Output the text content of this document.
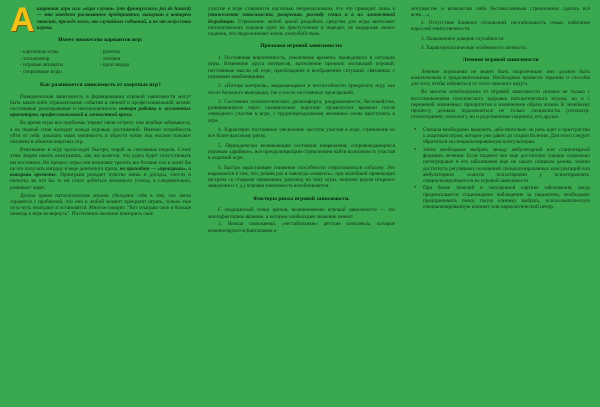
Аазартная игра или «игра случая» (от французского jeu de hasard) — это заведомо рискованное предприятие, выигрыш в котором зависит, прежде всего, от случайных событий, а не от искусства игрока.

Имеет множество вариантов игр:
- карточные игры
- тотализатор
- игровые автоматы
- спортивные игры
- рулетка
- лотереи
- кроссворды
Как развивается зависимость от азартных игр?

Поведенческая зависимость в формировании игровой зависимости могут быть какие-либо отрицательные события в личной и профессиональной жизни: постоянные разочарования и неполноценность потеря работы и жизненных ориентиров, профессиональной и личностной крахи.

Во время игры все проблемы теряют свою остроту или вообще забываются, а на первый план выходит жажда игровых достижений. Именно потребность уйти от себя, доказать свою значимость и обрести почву под ногами толкают человека в объятия азартных игр.

Втягивание в игру происходит быстро, порой за считанные недели. Стоит этим людям начать выигрывать, как им кажется, что удача будет сопутствовать им постоянно. Но процесс игры они начинают тратить все больше сил и хотят бы на это получать награду в виде денежного приза, но приходит — «проигрыш», а выигрыш временно. Проигрыш рождает чувство вины и досады, злости и попытку во что бы то ни стало добиться желаемого успеха, а следовательно, развивает азарт.

Долгое время патологические игроки убеждают себя в том, что легко справятся с проблемой, что они в любой момент прекратят играть, только еще чуть-чуть поиграют и остановятся. Многие говорят: "Вот отыграю свое и больше никогда к игре не вернусь". Постепенно желание повторить своё

участие в игре становится настолько непреодолимым, что это приводит лишь к утяжелению зависимости, разорению, распаду семьи и к их личностной деградации. Стремление любой ценой раздобыть средства для игры вытесняет патологических игроков идти на преступление и нередко, не выдержав своего падения, эти люди кончают жизнь самоубийством.

Признаки игровой зависимости:
1. Постоянная вовлеченность, увеличение времени, проводимого в ситуации игры. Изменение круга интересов, вытеснение прежних мотиваций игровой, постоянные мысли об игре, преобладание в воображении ситуаций, связанных с игровыми комбинациями.
2. «Потеря контроля», выражающаяся в неспособности прекратить игру как после большого выигрыша, так и после постоянных проигрышей.
3. Состояния психологического дискомфорта, раздраженности, беспокойства, развивающиеся через сравнительно короткие промежутки времени после очередного участия в игре, с труднопреодолимым желанием снова приступить к игре.
4. Характерно постоянное увеличение частоты участия в игре, стремление ко все более высокому риску.
5. Периодически возникающие состояния напряжения, сопровождающиеся игровым «драйвом», все преодолевающим стремлением найти возможность участия в азартной игре.
6. Быстро нарастающее снижение способности сопротивляться соблазну. Это выражается в том, что, решив раз и навсегда «завязать», при малейшей провокации (встреча со старыми знакомыми, разговор на тему игры, наличие рядом игорного заведения и т. д.) игровая зависимость возобновляется.
Факторы риска игровой зависимости.

С медицинской точки зрения, возникновение игровой зависимости — это многофакторное явление, в котором наибольшее значение имеют:

1. Низкая самооценка; «нестабильные» детские комплексы, которые компенсируются фантазиями о

могуществе и всевластии либо бессмысленным стремлением сделать всё всем…»,

2. Отсутствие ближних отношений, нестабильность семьи, избегание взрослой ответственности.
3. Повышенное доверие случайности.
4. Характерологические особенности личности.
Лечение игровой зависимости

Лечение игромании не может быть скоротечным: оно должно быть комплексным и продолжительным. Необходимо провести терапию и способы для того, чтобы избавиться от этого тяжелого недуга.

Во многом освобождение от игровой зависимости связано не только с восстановлением психического здоровья патологического игрока, но и с переменой жизненных приоритетов и изменением образа жизни. К лечебному процессу должны подключиться не только специалисты (психиатр-психотерапевт, психолог), но и родственники пациента, его друзья.

• Сначала необходимо выяснить, действительно ли речь идет о пристрастии к азартным играм, которое уже давно до стадии болезни. Для этого следует обратиться за специализированную консультацию.
• Затем необходимо выбрать между амбулаторной или стационарной формами лечения. Если пациент все еще достаточно хорошо социально интегрирован и его заболевание еще не зашло слишком далеко, можно достигнуть регулярных посещений специализированных консультаций или амбулаторных сеансов психотерапии у психотерапевта, специализирующегося на игровой зависимости.
• При более тяжелой и запущенной картине заболевания, когда предписывается стационарное наблюдение за пациентом, необходимо предпринимать поиск такую клинику выбрать, психосоматическую специализированную клинику или наркологический центр.
